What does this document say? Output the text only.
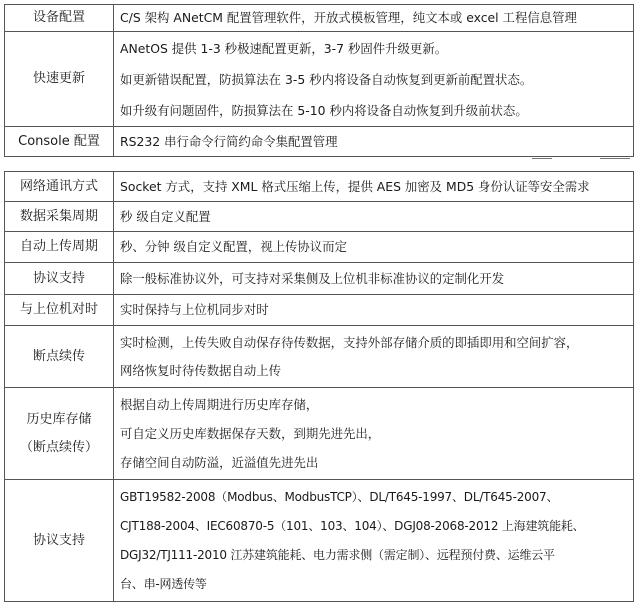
设备配置	C/S 架构 ANetCM 配置管理软件，开放式模板管理，纯文本或 excel 工程信息管理

快速更新	ANetOS 提供 1-3 秒极速配置更新，3-7 秒固件升级更新。
如更新错误配置，防损算法在 3-5 秒内将设备自动恢复到更新前配置状态。
如升级有问题固件，防损算法在 5-10 秒内将设备自动恢复到升级前状态。

Console 配置	RS232 串行命令行简约命令集配置管理
网络通讯方式	Socket 方式，支持 XML 格式压缩上传，提供 AES 加密及 MD5 身份认证等安全需求

数据采集周期	秒 级自定义配置

自动上传周期	秒、分钟 级自定义配置，视上传协议而定

协议支持	除一般标准协议外，可支持对采集侧及上位机非标准协议的定制化开发

与上位机对时	实时保持与上位机同步对时

断点续传	实时检测，上传失败自动保存待传数据，支持外部存储介质的即插即用和空间扩容，
网络恢复时待传数据自动上传

历史库存储
（断点续传）	根据自动上传周期进行历史库存储，
可自定义历史库数据保存天数，到期先进先出，
存储空间自动防溢，近溢值先进先出

协议支持	GBT19582-2008（Modbus、ModbusTCP）、DL/T645-1997、DL/T645-2007、
CJT188-2004、IEC60870-5（101、103、104）、DGJ08-2068-2012 上海建筑能耗、
DGJ32/TJ111-2010 江苏建筑能耗、电力需求侧（需定制）、远程预付费、运维云平
台、串-网透传等
